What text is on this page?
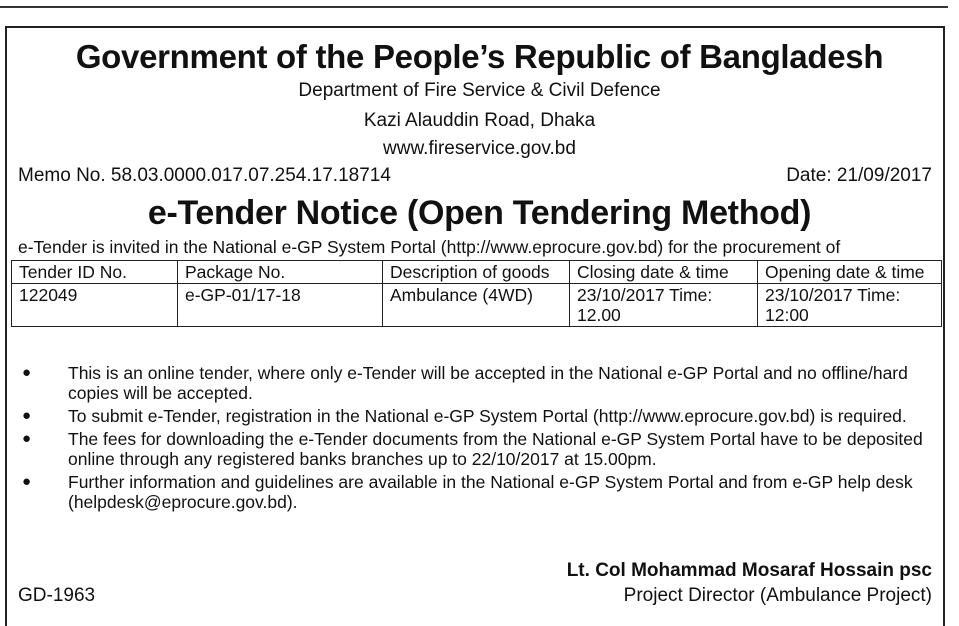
Government of the People’s Republic of Bangladesh
Department of Fire Service & Civil Defence
Kazi Alauddin Road, Dhaka
www.fireservice.gov.bd
Memo No. 58.03.0000.017.07.254.17.18714	Date: 21/09/2017
e-Tender Notice (Open Tendering Method)
e-Tender is invited in the National e-GP System Portal (http://www.eprocure.gov.bd) for the procurement of
Tender ID No.	Package No.	Description of goods	Closing date & time	Opening date & time
122049	e-GP-01/17-18	Ambulance (4WD)	23/10/2017 Time: 12.00	23/10/2017 Time: 12:00
● This is an online tender, where only e-Tender will be accepted in the National e-GP Portal and no offline/hard copies will be accepted.
● To submit e-Tender, registration in the National e-GP System Portal (http://www.eprocure.gov.bd) is required.
● The fees for downloading the e-Tender documents from the National e-GP System Portal have to be deposited online through any registered banks branches up to 22/10/2017 at 15.00pm.
● Further information and guidelines are available in the National e-GP System Portal and from e-GP help desk (helpdesk@eprocure.gov.bd).
Lt. Col Mohammad Mosaraf Hossain psc
GD-1963	Project Director (Ambulance Project)
